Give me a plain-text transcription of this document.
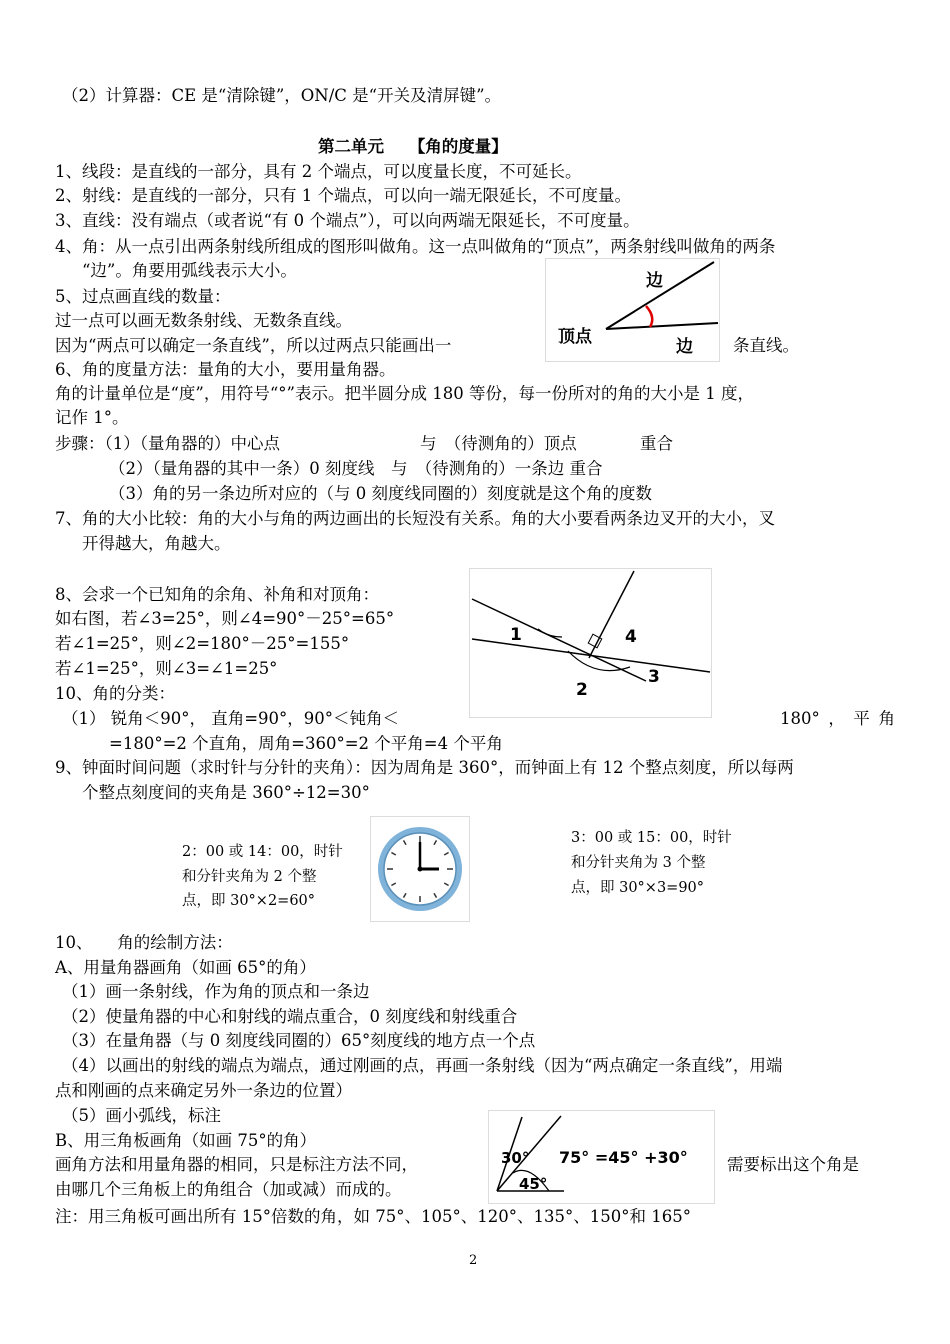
（2）计算器：CE 是“清除键”，ON/C 是“开关及清屏键”。
第二单元　　【角的度量】
1、线段：是直线的一部分，具有 2 个端点，可以度量长度，不可延长。
2、射线：是直线的一部分，只有 1 个端点，可以向一端无限延长，不可度量。
3、直线：没有端点（或者说“有 0 个端点”），可以向两端无限延长，不可度量。
4、角：从一点引出两条射线所组成的图形叫做角。这一点叫做角的“顶点”，两条射线叫做角的两条
“边”。角要用弧线表示大小。
5、过点画直线的数量：
过一点可以画无数条射线、无数条直线。
因为“两点可以确定一条直线”，所以过两点只能画出一	条直线。
边
顶点	边
6、角的度量方法：量角的大小，要用量角器。
角的计量单位是“度”，用符号“°”表示。把半圆分成 180 等份，每一份所对的角的大小是 1 度，
记作 1°。
步骤：（1）（量角器的）中心点	与　（待测角的）顶点	重合
（2）（量角器的其中一条）0 刻度线　与　（待测角的）一条边 重合
（3）角的另一条边所对应的（与 0 刻度线同圈的）刻度就是这个角的度数
7、角的大小比较：角的大小与角的两边画出的长短没有关系。角的大小要看两条边叉开的大小，叉
开得越大，角越大。
8、会求一个已知角的余角、补角和对顶角：
如右图，若∠3=25°，则∠4=90°－25°=65°
若∠1=25°，则∠2=180°－25°=155°
若∠1=25°，则∠3=∠1=25°
1
2
3
4
10、角的分类：
（1） 锐角＜90°， 直角=90°，90°＜钝角＜	180°，平角
=180°=2 个直角，周角=360°=2 个平角=4 个平角
9、钟面时间问题（求时针与分针的夹角）：因为周角是 360°，而钟面上有 12 个整点刻度，所以每两
个整点刻度间的夹角是 360°÷12=30°
2：00 或 14：00，时针
和分针夹角为 2 个整
点，即 30°×2=60°
3：00 或 15：00，时针
和分针夹角为 3 个整
点，即 30°×3=90°
10、　　角的绘制方法：
A、用量角器画角（如画 65°的角）
（1）画一条射线，作为角的顶点和一条边
（2）使量角器的中心和射线的端点重合，0 刻度线和射线重合
（3）在量角器（与 0 刻度线同圈的）65°刻度线的地方点一个点
（4）以画出的射线的端点为端点，通过刚画的点，再画一条射线（因为“两点确定一条直线”，用端
点和刚画的点来确定另外一条边的位置）
（5）画小弧线，标注
B、用三角板画角（如画 75°的角）
画角方法和用量角器的相同，只是标注方法不同，	需要标出这个角是
由哪几个三角板上的角组合（加或减）而成的。
30°
45°
75° =45° +30°
注：用三角板可画出所有 15°倍数的角，如 75°、105°、120°、135°、150°和 165°
2
